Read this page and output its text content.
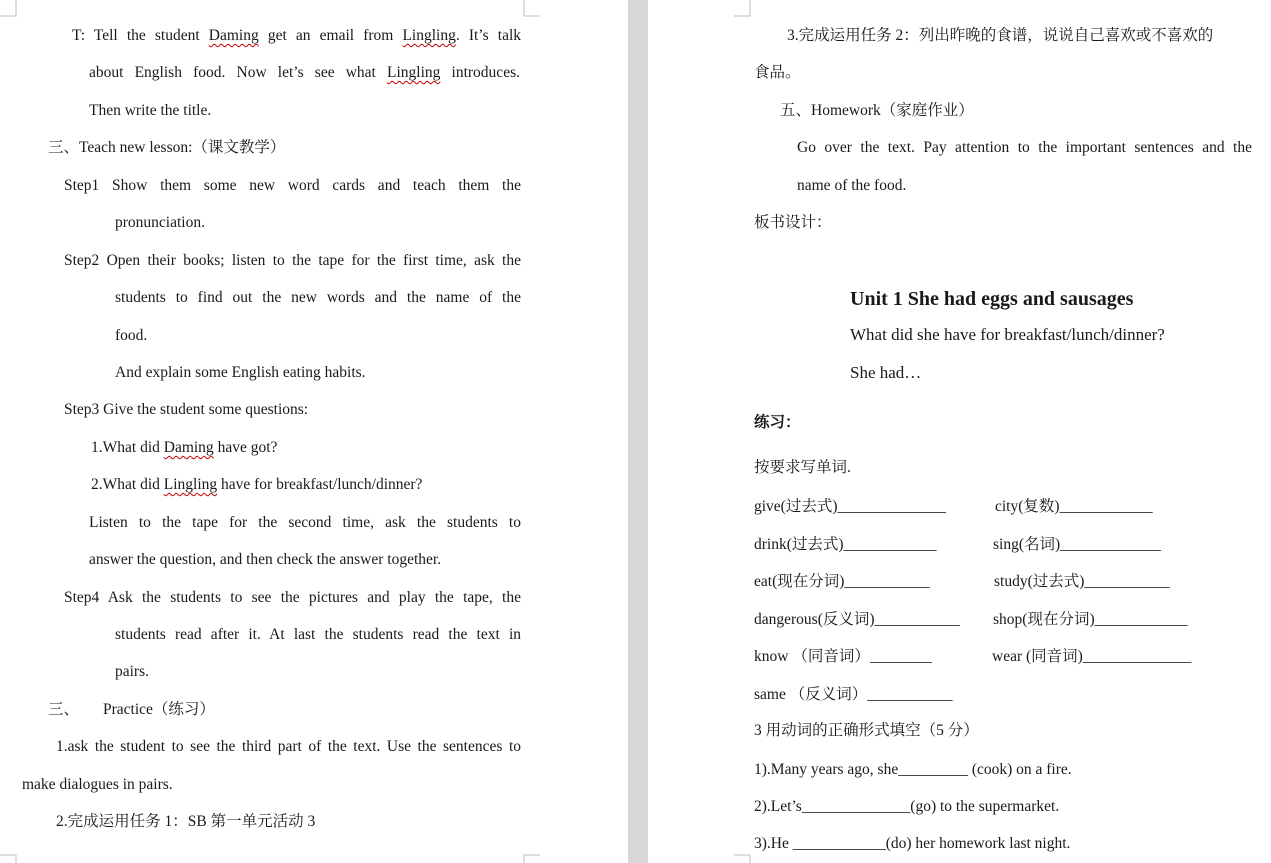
T: Tell the student Daming get an email from Lingling. It’s talk
about English food. Now let’s see what Lingling introduces.
Then write the title.
三、Teach new lesson:（课文教学）
Step1 Show them some new word cards and teach them the
pronunciation.
Step2 Open their books; listen to the tape for the first time, ask the
students to find out the new words and the name of the
food.
And explain some English eating habits.
Step3 Give the student some questions:
1.What did Daming have got?
2.What did Lingling have for breakfast/lunch/dinner?
Listen to the tape for the second time, ask the students to
answer the question, and then check the answer together.
Step4 Ask the students to see the pictures and play the tape, the
students read after it. At last the students read the text in
pairs.
三、 Practice（练习）
1.ask the student to see the third part of the text. Use the sentences to
make dialogues in pairs.
2.完成运用任务 1：SB 第一单元活动 3
3.完成运用任务 2：列出昨晚的食谱，说说自己喜欢或不喜欢的
食品。
五、Homework（家庭作业）
Go over the text. Pay attention to the important sentences and the
name of the food.
板书设计：
Unit 1 She had eggs and sausages
What did she have for breakfast/lunch/dinner?
She had…
练习：
按要求写单词.
give(过去式)______________	city(复数)____________
drink(过去式)____________	sing(名词)_____________
eat(现在分词)___________	study(过去式)___________
dangerous(反义词)___________ shop(现在分词)____________
know （同音词）________	wear (同音词)______________
same （反义词）___________
3 用动词的正确形式填空（5 分）
1).Many years ago, she_________ (cook) on a fire.
2).Let’s______________(go) to the supermarket.
3).He ____________(do) her homework last night.
